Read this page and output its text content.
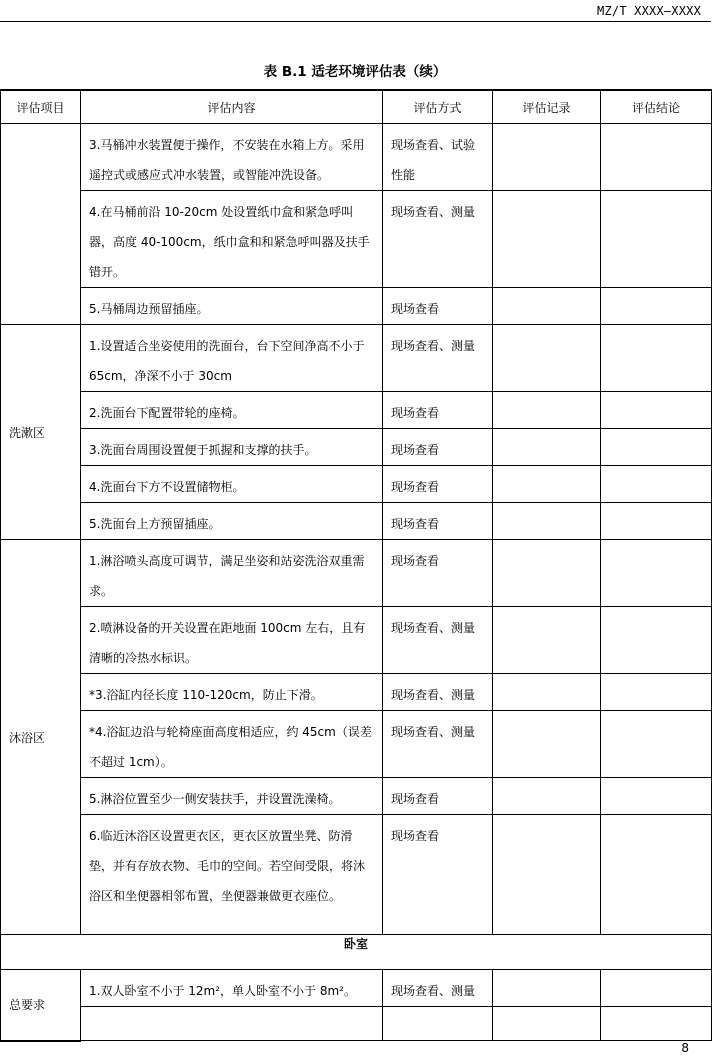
MZ/T XXXX—XXXX
表 B.1 适老环境评估表（续）
评估项目	评估内容	评估方式	评估记录	评估结论

	3.马桶冲水装置便于操作，不安装在水箱上方。采用遥控式或感应式冲水装置，或智能冲洗设备。	现场查看、试验性能		

	4.在马桶前沿 10-20cm 处设置纸巾盒和紧急呼叫器，高度 40-100cm，纸巾盒和和紧急呼叫器及扶手错开。	现场查看、测量		

	5.马桶周边预留插座。	现场查看		

洗漱区	1.设置适合坐姿使用的洗面台，台下空间净高不小于 65cm，净深不小于 30cm	现场查看、测量		

	2.洗面台下配置带轮的座椅。	现场查看		

	3.洗面台周围设置便于抓握和支撑的扶手。	现场查看		

	4.洗面台下方不设置储物柜。	现场查看		

	5.洗面台上方预留插座。	现场查看		

沐浴区	1.淋浴喷头高度可调节，满足坐姿和站姿洗浴双重需求。	现场查看		

	2.喷淋设备的开关设置在距地面 100cm 左右，且有清晰的冷热水标识。	现场查看、测量		

	*3.浴缸内径长度 110-120cm，防止下滑。	现场查看、测量		

	*4.浴缸边沿与轮椅座面高度相适应，约 45cm（误差不超过 1cm）。	现场查看、测量		

	5.淋浴位置至少一侧安装扶手，并设置洗澡椅。	现场查看		

	6.临近沐浴区设置更衣区，更衣区放置坐凳、防滑垫，并有存放衣物、毛巾的空间。若空间受限，将沐浴区和坐便器相邻布置，坐便器兼做更衣座位。	现场查看		

卧室				
总要求	1.双人卧室不小于 12m²，单人卧室不小于 8m²。	现场查看、测量		

8
